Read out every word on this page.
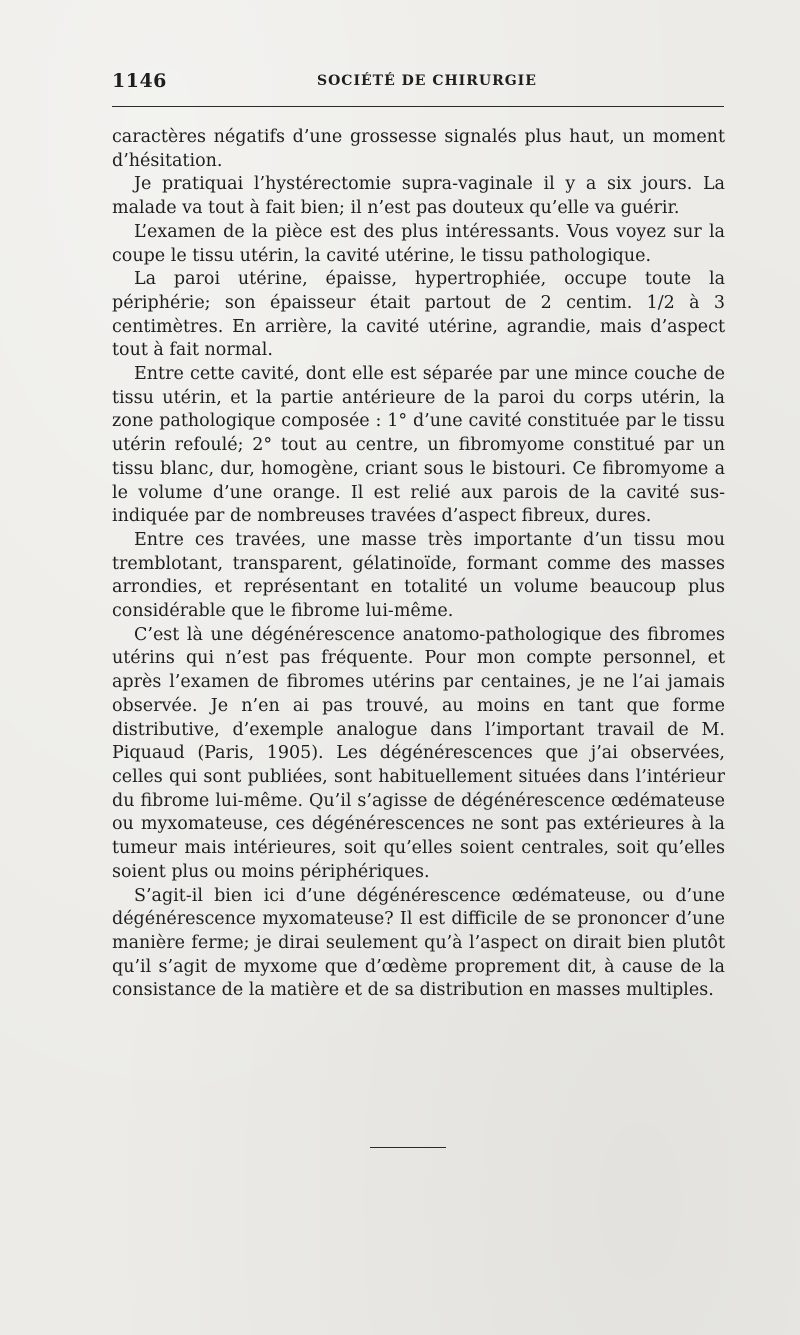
1146	SOCIÉTÉ DE CHIRURGIE

caractères négatifs d’une grossesse signalés plus haut, un moment d’hésitation.

Je pratiquai l’hystérectomie supra-vaginale il y a six jours. La malade va tout à fait bien; il n’est pas douteux qu’elle va guérir.

L’examen de la pièce est des plus intéressants. Vous voyez sur la coupe le tissu utérin, la cavité utérine, le tissu pathologique.

La paroi utérine, épaisse, hypertrophiée, occupe toute la périphérie; son épaisseur était partout de 2 centim. 1/2 à 3 centimètres. En arrière, la cavité utérine, agrandie, mais d’aspect tout à fait normal.

Entre cette cavité, dont elle est séparée par une mince couche de tissu utérin, et la partie antérieure de la paroi du corps utérin, la zone pathologique composée : 1° d’une cavité constituée par le tissu utérin refoulé; 2° tout au centre, un fibromyome constitué par un tissu blanc, dur, homogène, criant sous le bistouri. Ce fibromyome a le volume d’une orange. Il est relié aux parois de la cavité sus-indiquée par de nombreuses travées d’aspect fibreux, dures.

Entre ces travées, une masse très importante d’un tissu mou tremblotant, transparent, gélatinoïde, formant comme des masses arrondies, et représentant en totalité un volume beaucoup plus considérable que le fibrome lui-même.

C’est là une dégénérescence anatomo-pathologique des fibromes utérins qui n’est pas fréquente. Pour mon compte personnel, et après l’examen de fibromes utérins par centaines, je ne l’ai jamais observée. Je n’en ai pas trouvé, au moins en tant que forme distributive, d’exemple analogue dans l’important travail de M. Piquaud (Paris, 1905). Les dégénérescences que j’ai observées, celles qui sont publiées, sont habituellement situées dans l’intérieur du fibrome lui-même. Qu’il s’agisse de dégénérescence œdémateuse ou myxomateuse, ces dégénérescences ne sont pas extérieures à la tumeur mais intérieures, soit qu’elles soient centrales, soit qu’elles soient plus ou moins périphériques.

S’agit-il bien ici d’une dégénérescence œdémateuse, ou d’une dégénérescence myxomateuse? Il est difficile de se prononcer d’une manière ferme; je dirai seulement qu’à l’aspect on dirait bien plutôt qu’il s’agit de myxome que d’œdème proprement dit, à cause de la consistance de la matière et de sa distribution en masses multiples.
